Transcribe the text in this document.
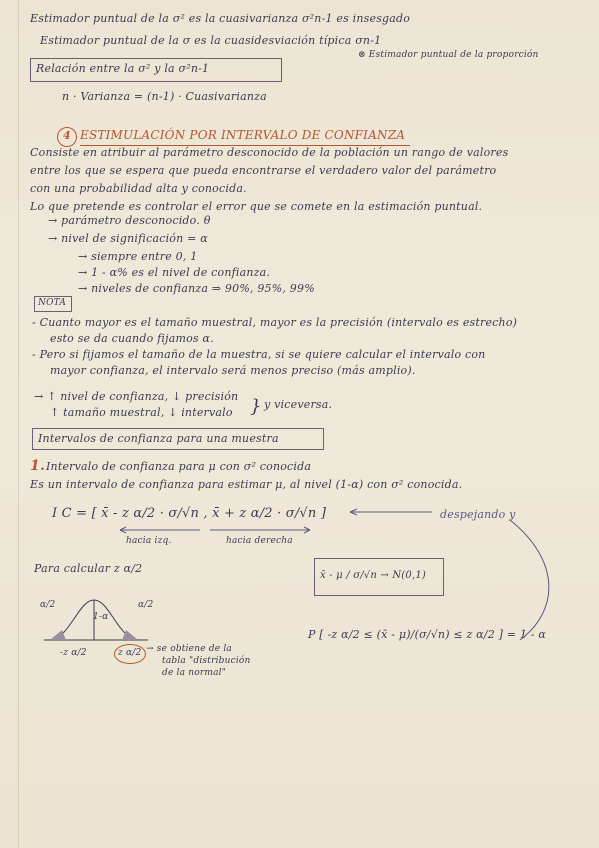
Estimador puntual de la σ² es la cuasivarianza σ²n-1 es insesgado
Estimador puntual de la σ es la cuasidesviación típica σn-1
⊗ Estimador puntual de la proporción
Relación entre la σ² y la σ²n-1
n · Varianza = (n-1) · Cuasivarianza
4 ESTIMULACIÓN POR INTERVALO DE CONFIANZA
Consiste en atribuir al parámetro desconocido de la población un rango de valores
entre los que se espera que pueda encontrarse el verdadero valor del parámetro
con una probabilidad alta y conocida.
Lo que pretende es controlar el error que se comete en la estimación puntual.
→ parámetro desconocido. θ
→ nivel de significación = α
→ siempre entre 0, 1
→ 1 - α% es el nivel de confianza.
→ niveles de confianza ⇒ 90%, 95%, 99%
NOTA
- Cuanto mayor es el tamaño muestral, mayor es la precisión (intervalo es estrecho)
esto se da cuando fijamos α.
- Pero si fijamos el tamaño de la muestra, si se quiere calcular el intervalo con
mayor confianza, el intervalo será menos preciso (más amplio).
→ ↑ nivel de confianza, ↓ precisión
↑ tamaño muestral, ↓ intervalo } y viceversa.
Intervalos de confianza para una muestra
1. Intervalo de confianza para μ con σ² conocida
Es un intervalo de confianza para estimar μ, al nivel (1-α) con σ² conocida.
I C = [ x̄ - z α/2 · σ/√n , x̄ + z α/2 · σ/√n ]	despejando y
hacia izq.	hacia derecha
Para calcular z α/2
x̄ - μ / σ/√n → N(0,1)
P [ -z α/2 ≤ (x̄ - μ)/(σ/√n) ≤ z α/2 ] = 1 - α
1-α
α/2	α/2
-z α/2	z α/2 → se obtiene de la
tabla "distribución
de la normal"
